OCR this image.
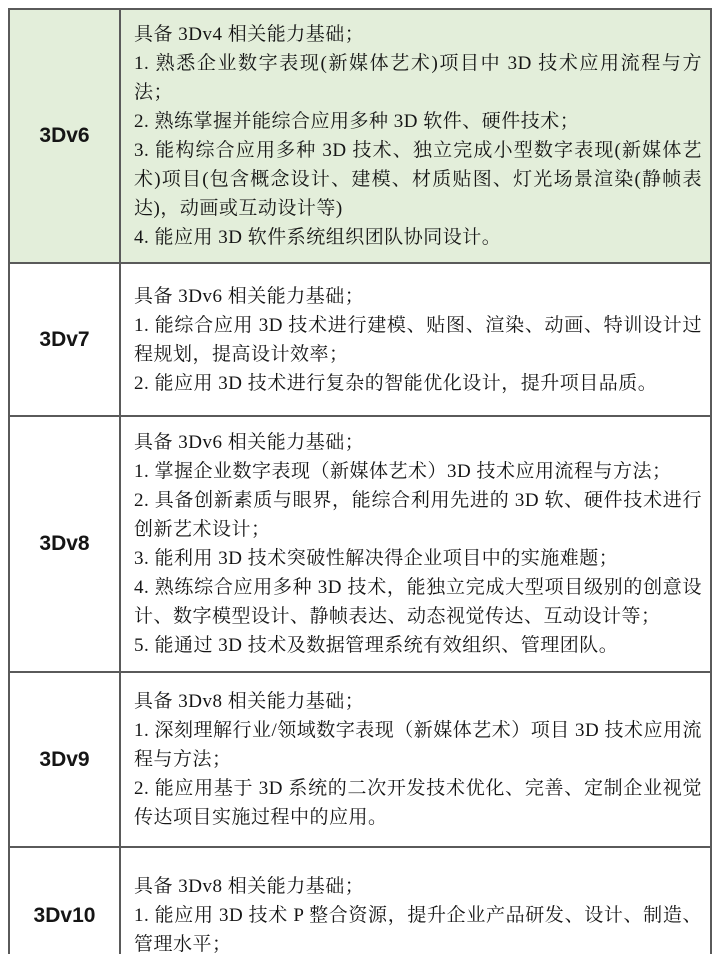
3Dv6	具备 3Dv4 相关能力基础；

1. 熟悉企业数字表现(新媒体艺术)项目中 3D 技术应用流程与方法；

2. 熟练掌握并能综合应用多种 3D 软件、硬件技术；

3. 能构综合应用多种 3D 技术、独立完成小型数字表现(新媒体艺术)项目(包含概念设计、建模、材质贴图、灯光场景渲染(静帧表达)，动画或互动设计等)

4. 能应用 3D 软件系统组织团队协同设计。

3Dv7	具备 3Dv6 相关能力基础；

1. 能综合应用 3D 技术进行建模、贴图、渲染、动画、特训设计过程规划，提高设计效率；

2. 能应用 3D 技术进行复杂的智能优化设计，提升项目品质。

3Dv8	

具备 3Dv6 相关能力基础；

1. 掌握企业数字表现（新媒体艺术）3D 技术应用流程与方法；

2. 具备创新素质与眼界，能综合利用先进的 3D 软、硬件技术进行创新艺术设计；

3. 能利用 3D 技术突破性解决得企业项目中的实施难题；

4. 熟练综合应用多种 3D 技术，能独立完成大型项目级别的创意设计、数字模型设计、静帧表达、动态视觉传达、互动设计等；

5. 能通过 3D 技术及数据管理系统有效组织、管理团队。

3Dv9	具备 3Dv8 相关能力基础；

1. 深刻理解行业/领域数字表现（新媒体艺术）项目 3D 技术应用流程与方法；

2. 能应用基于 3D 系统的二次开发技术优化、完善、定制企业视觉传达项目实施过程中的应用。

3Dv10	具备 3Dv8 相关能力基础；

1. 能应用 3D 技术 P 整合资源，提升企业产品研发、设计、制造、管理水平；
